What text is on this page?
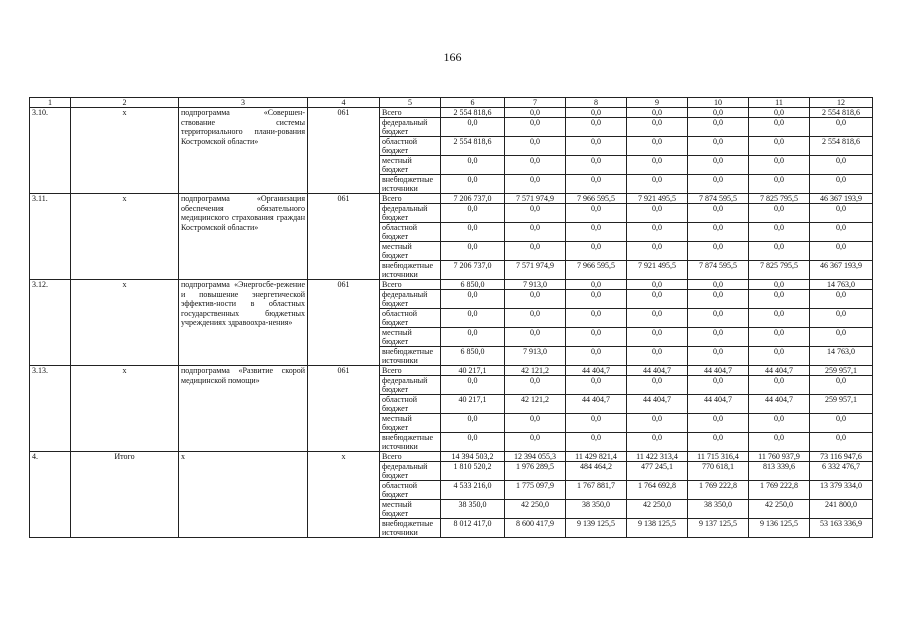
166
1	2	3	4	5	6	7	8	9	10	11	12
3.10.	x	подпрограмма «Совершен-ствование системы территориального плани-рования Костромской области»	061	Всего	2 554 818,6	0,0	0,0	0,0	0,0	0,0	2 554 818,6
				федеральный бюджет	0,0	0,0	0,0	0,0	0,0	0,0	0,0
				областной бюджет	2 554 818,6	0,0	0,0	0,0	0,0	0,0	2 554 818,6
				местный бюджет	0,0	0,0	0,0	0,0	0,0	0,0	0,0
				внебюджетные источники	0,0	0,0	0,0	0,0	0,0	0,0	0,0
3.11.	x	подпрограмма «Организация обеспечения обязательного медицинского страхования граждан Костромской области»	061	Всего	7 206 737,0	7 571 974,9	7 966 595,5	7 921 495,5	7 874 595,5	7 825 795,5	46 367 193,9
				федеральный бюджет	0,0	0,0	0,0	0,0	0,0	0,0	0,0
				областной бюджет	0,0	0,0	0,0	0,0	0,0	0,0	0,0
				местный бюджет	0,0	0,0	0,0	0,0	0,0	0,0	0,0
				внебюджетные источники	7 206 737,0	7 571 974,9	7 966 595,5	7 921 495,5	7 874 595,5	7 825 795,5	46 367 193,9
3.12.	x	подпрограмма «Энергосбе-режение и повышение энергетической эффектив-ности в областных государственных бюджетных учреждениях здравоохра-нения»	061	Всего	6 850,0	7 913,0	0,0	0,0	0,0	0,0	14 763,0
				федеральный бюджет	0,0	0,0	0,0	0,0	0,0	0,0	0,0
				областной бюджет	0,0	0,0	0,0	0,0	0,0	0,0	0,0
				местный бюджет	0,0	0,0	0,0	0,0	0,0	0,0	0,0
				внебюджетные источники	6 850,0	7 913,0	0,0	0,0	0,0	0,0	14 763,0
3.13.	x	подпрограмма «Развитие скорой медицинской помощи»	061	Всего	40 217,1	42 121,2	44 404,7	44 404,7	44 404,7	44 404,7	259 957,1
				федеральный бюджет	0,0	0,0	0,0	0,0	0,0	0,0	0,0
				областной бюджет	40 217,1	42 121,2	44 404,7	44 404,7	44 404,7	44 404,7	259 957,1
				местный бюджет	0,0	0,0	0,0	0,0	0,0	0,0	0,0
				внебюджетные источники	0,0	0,0	0,0	0,0	0,0	0,0	0,0
4.	Итого	x	x	Всего	14 394 503,2	12 394 055,3	11 429 821,4	11 422 313,4	11 715 316,4	11 760 937,9	73 116 947,6
				федеральный бюджет	1 810 520,2	1 976 289,5	484 464,2	477 245,1	770 618,1	813 339,6	6 332 476,7
				областной бюджет	4 533 216,0	1 775 097,9	1 767 881,7	1 764 692,8	1 769 222,8	1 769 222,8	13 379 334,0
				местный бюджет	38 350,0	42 250,0	38 350,0	42 250,0	38 350,0	42 250,0	241 800,0
				внебюджетные источники	8 012 417,0	8 600 417,9	9 139 125,5	9 138 125,5	9 137 125,5	9 136 125,5	53 163 336,9
